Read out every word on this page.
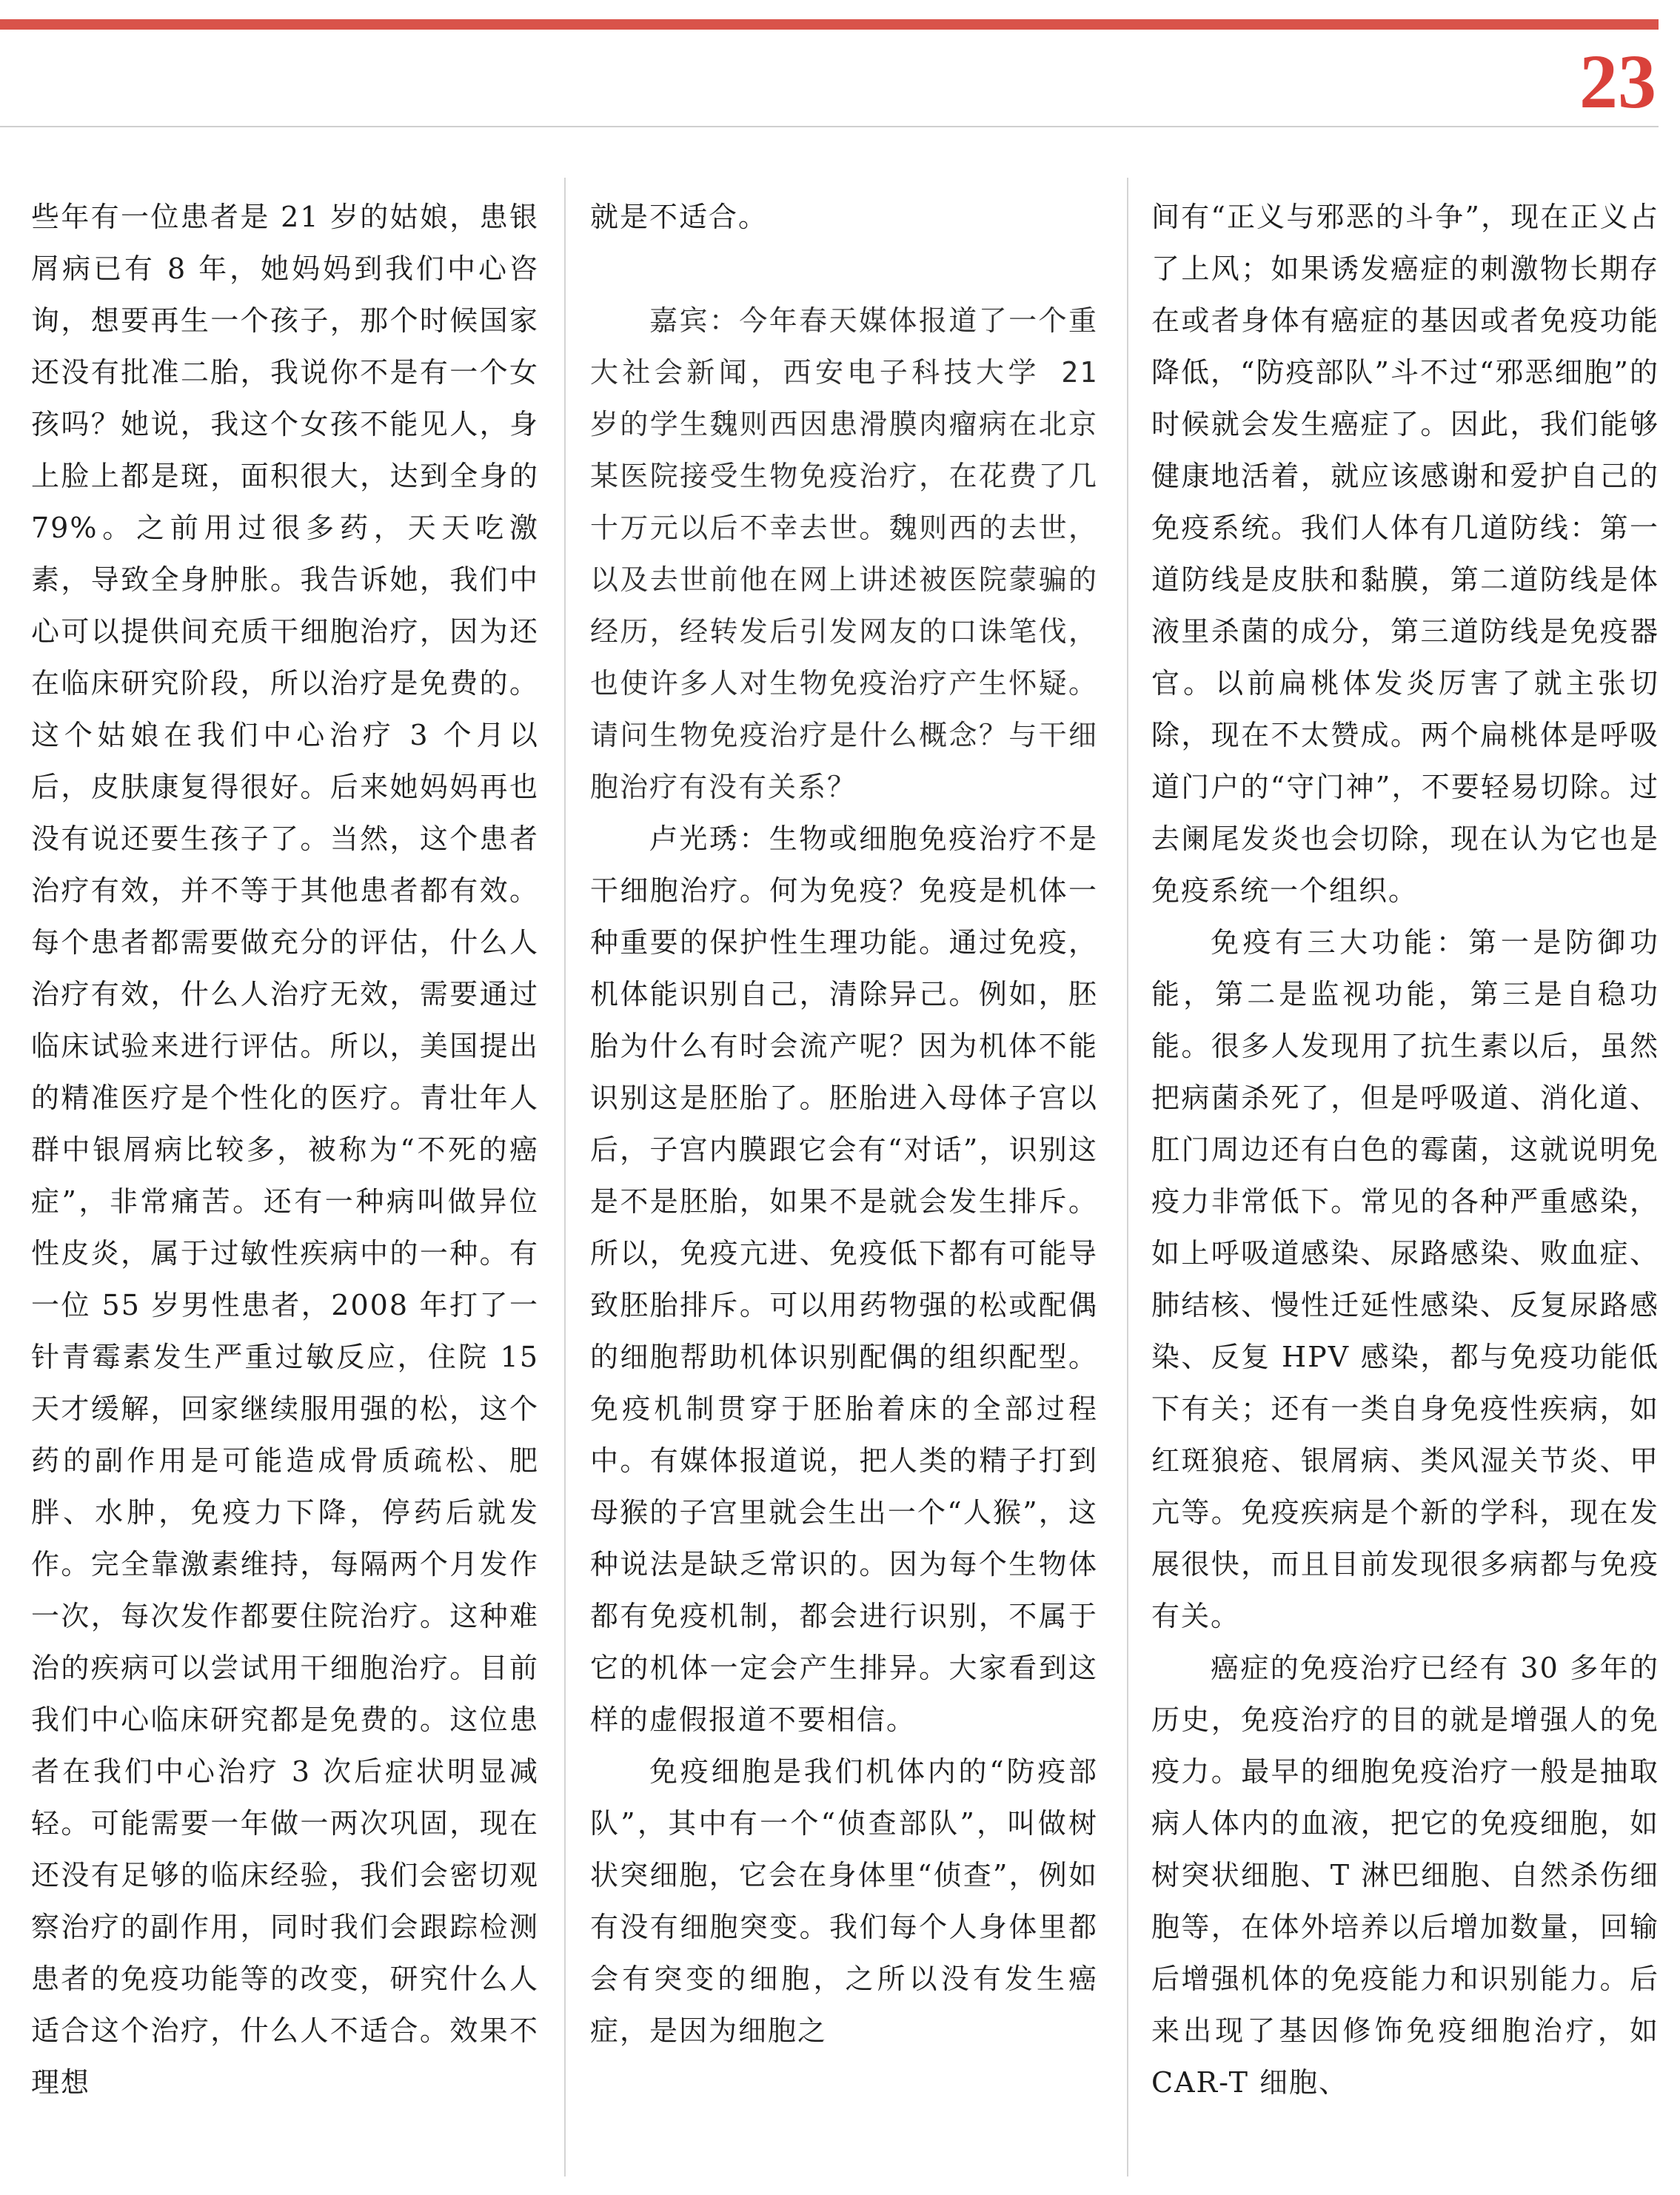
23

些年有一位患者是 21 岁的姑娘，患银屑病已有 8 年，她妈妈到我们中心咨询，想要再生一个孩子，那个时候国家还没有批准二胎，我说你不是有一个女孩吗？她说，我这个女孩不能见人，身上脸上都是斑，面积很大，达到全身的 79%。之前用过很多药，天天吃激素，导致全身肿胀。我告诉她，我们中心可以提供间充质干细胞治疗，因为还在临床研究阶段，所以治疗是免费的。这个姑娘在我们中心治疗 3 个月以后，皮肤康复得很好。后来她妈妈再也没有说还要生孩子了。当然，这个患者治疗有效，并不等于其他患者都有效。每个患者都需要做充分的评估，什么人治疗有效，什么人治疗无效，需要通过临床试验来进行评估。所以，美国提出的精准医疗是个性化的医疗。青壮年人群中银屑病比较多，被称为“不死的癌症”，非常痛苦。还有一种病叫做异位性皮炎，属于过敏性疾病中的一种。有一位 55 岁男性患者，2008 年打了一针青霉素发生严重过敏反应，住院 15 天才缓解，回家继续服用强的松，这个药的副作用是可能造成骨质疏松、肥胖、水肿，免疫力下降，停药后就发作。完全靠激素维持，每隔两个月发作一次，每次发作都要住院治疗。这种难治的疾病可以尝试用干细胞治疗。目前我们中心临床研究都是免费的。这位患者在我们中心治疗 3 次后症状明显减轻。可能需要一年做一两次巩固，现在还没有足够的临床经验，我们会密切观察治疗的副作用，同时我们会跟踪检测患者的免疫功能等的改变，研究什么人适合这个治疗，什么人不适合。效果不理想

就是不适合。

嘉宾：今年春天媒体报道了一个重大社会新闻，西安电子科技大学 21 岁的学生魏则西因患滑膜肉瘤病在北京某医院接受生物免疫治疗，在花费了几十万元以后不幸去世。魏则西的去世，以及去世前他在网上讲述被医院蒙骗的经历，经转发后引发网友的口诛笔伐，也使许多人对生物免疫治疗产生怀疑。请问生物免疫治疗是什么概念？与干细胞治疗有没有关系？

卢光琇：生物或细胞免疫治疗不是干细胞治疗。何为免疫？免疫是机体一种重要的保护性生理功能。通过免疫，机体能识别自己，清除异己。例如，胚胎为什么有时会流产呢？因为机体不能识别这是胚胎了。胚胎进入母体子宫以后，子宫内膜跟它会有“对话”，识别这是不是胚胎，如果不是就会发生排斥。所以，免疫亢进、免疫低下都有可能导致胚胎排斥。可以用药物强的松或配偶的细胞帮助机体识别配偶的组织配型。免疫机制贯穿于胚胎着床的全部过程中。有媒体报道说，把人类的精子打到母猴的子宫里就会生出一个“人猴”，这种说法是缺乏常识的。因为每个生物体都有免疫机制，都会进行识别，不属于它的机体一定会产生排异。大家看到这样的虚假报道不要相信。

免疫细胞是我们机体内的“防疫部队”，其中有一个“侦查部队”，叫做树状突细胞，它会在身体里“侦查”，例如有没有细胞突变。我们每个人身体里都会有突变的细胞，之所以没有发生癌症，是因为细胞之

间有“正义与邪恶的斗争”，现在正义占了上风；如果诱发癌症的刺激物长期存在或者身体有癌症的基因或者免疫功能降低，“防疫部队”斗不过“邪恶细胞”的时候就会发生癌症了。因此，我们能够健康地活着，就应该感谢和爱护自己的免疫系统。我们人体有几道防线：第一道防线是皮肤和黏膜，第二道防线是体液里杀菌的成分，第三道防线是免疫器官。以前扁桃体发炎厉害了就主张切除，现在不太赞成。两个扁桃体是呼吸道门户的“守门神”，不要轻易切除。过去阑尾发炎也会切除，现在认为它也是免疫系统一个组织。

免疫有三大功能：第一是防御功能，第二是监视功能，第三是自稳功能。很多人发现用了抗生素以后，虽然把病菌杀死了，但是呼吸道、消化道、肛门周边还有白色的霉菌，这就说明免疫力非常低下。常见的各种严重感染，如上呼吸道感染、尿路感染、败血症、肺结核、慢性迁延性感染、反复尿路感染、反复 HPV 感染，都与免疫功能低下有关；还有一类自身免疫性疾病，如红斑狼疮、银屑病、类风湿关节炎、甲亢等。免疫疾病是个新的学科，现在发展很快，而且目前发现很多病都与免疫有关。

癌症的免疫治疗已经有 30 多年的历史，免疫治疗的目的就是增强人的免疫力。最早的细胞免疫治疗一般是抽取病人体内的血液，把它的免疫细胞，如树突状细胞、T 淋巴细胞、自然杀伤细胞等，在体外培养以后增加数量，回输后增强机体的免疫能力和识别能力。后来出现了基因修饰免疫细胞治疗，如 CAR-T 细胞、
